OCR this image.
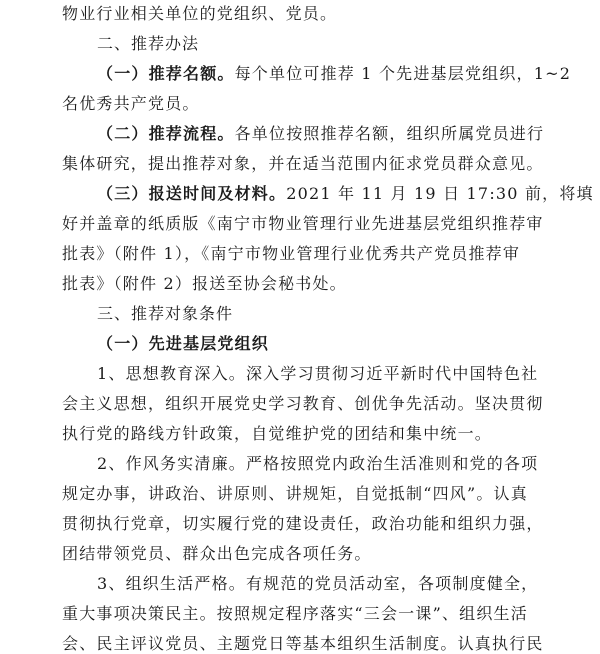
物业行业相关单位的党组织、党员。
二、推荐办法
（一）推荐名额。每个单位可推荐 1 个先进基层党组织，1~2
名优秀共产党员。
（二）推荐流程。各单位按照推荐名额，组织所属党员进行
集体研究，提出推荐对象，并在适当范围内征求党员群众意见。
（三）报送时间及材料。2021 年 11 月 19 日 17:30 前，将填
好并盖章的纸质版《南宁市物业管理行业先进基层党组织推荐审
批表》（附件 1），《南宁市物业管理行业优秀共产党员推荐审
批表》（附件 2）报送至协会秘书处。
三、推荐对象条件
（一）先进基层党组织
1、思想教育深入。深入学习贯彻习近平新时代中国特色社
会主义思想，组织开展党史学习教育、创优争先活动。坚决贯彻
执行党的路线方针政策，自觉维护党的团结和集中统一。
2、作风务实清廉。严格按照党内政治生活准则和党的各项
规定办事，讲政治、讲原则、讲规矩，自觉抵制“四风”。认真
贯彻执行党章，切实履行党的建设责任，政治功能和组织力强，
团结带领党员、群众出色完成各项任务。
3、组织生活严格。有规范的党员活动室，各项制度健全，
重大事项决策民主。按照规定程序落实“三会一课”、组织生活
会、民主评议党员、主题党日等基本组织生活制度。认真执行民
